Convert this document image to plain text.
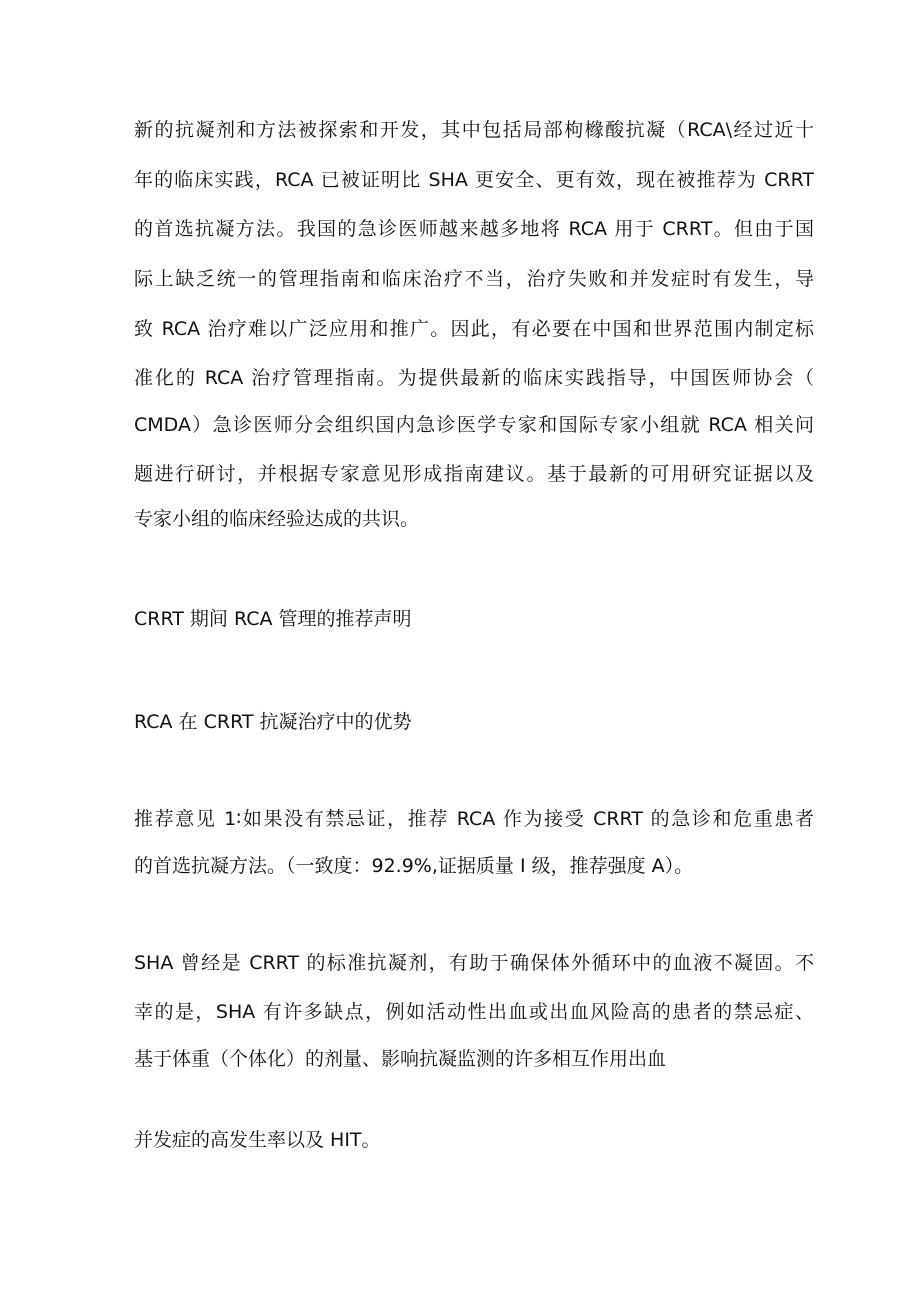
新的抗凝剂和方法被探索和开发，其中包括局部枸橼酸抗凝（RCA\经过近十
年的临床实践，RCA 已被证明比 SHA 更安全、更有效，现在被推荐为 CRRT
的首选抗凝方法。我国的急诊医师越来越多地将 RCA 用于 CRRT。但由于国
际上缺乏统一的管理指南和临床治疗不当，治疗失败和并发症时有发生，导
致 RCA 治疗难以广泛应用和推广。因此，有必要在中国和世界范围内制定标
准化的 RCA 治疗管理指南。为提供最新的临床实践指导，中国医师协会（
CMDA）急诊医师分会组织国内急诊医学专家和国际专家小组就 RCA 相关问
题进行研讨，并根据专家意见形成指南建议。基于最新的可用研究证据以及
专家小组的临床经验达成的共识。
CRRT 期间 RCA 管理的推荐声明
RCA 在 CRRT 抗凝治疗中的优势
推荐意见 1∶如果没有禁忌证，推荐 RCA 作为接受 CRRT 的急诊和危重患者
的首选抗凝方法。（一致度：92.9%,证据质量 I 级，推荐强度 A）。
SHA 曾经是 CRRT 的标准抗凝剂，有助于确保体外循环中的血液不凝固。不
幸的是，SHA 有许多缺点，例如活动性出血或出血风险高的患者的禁忌症、
基于体重（个体化）的剂量、影响抗凝监测的许多相互作用出血
并发症的高发生率以及 HIT。
